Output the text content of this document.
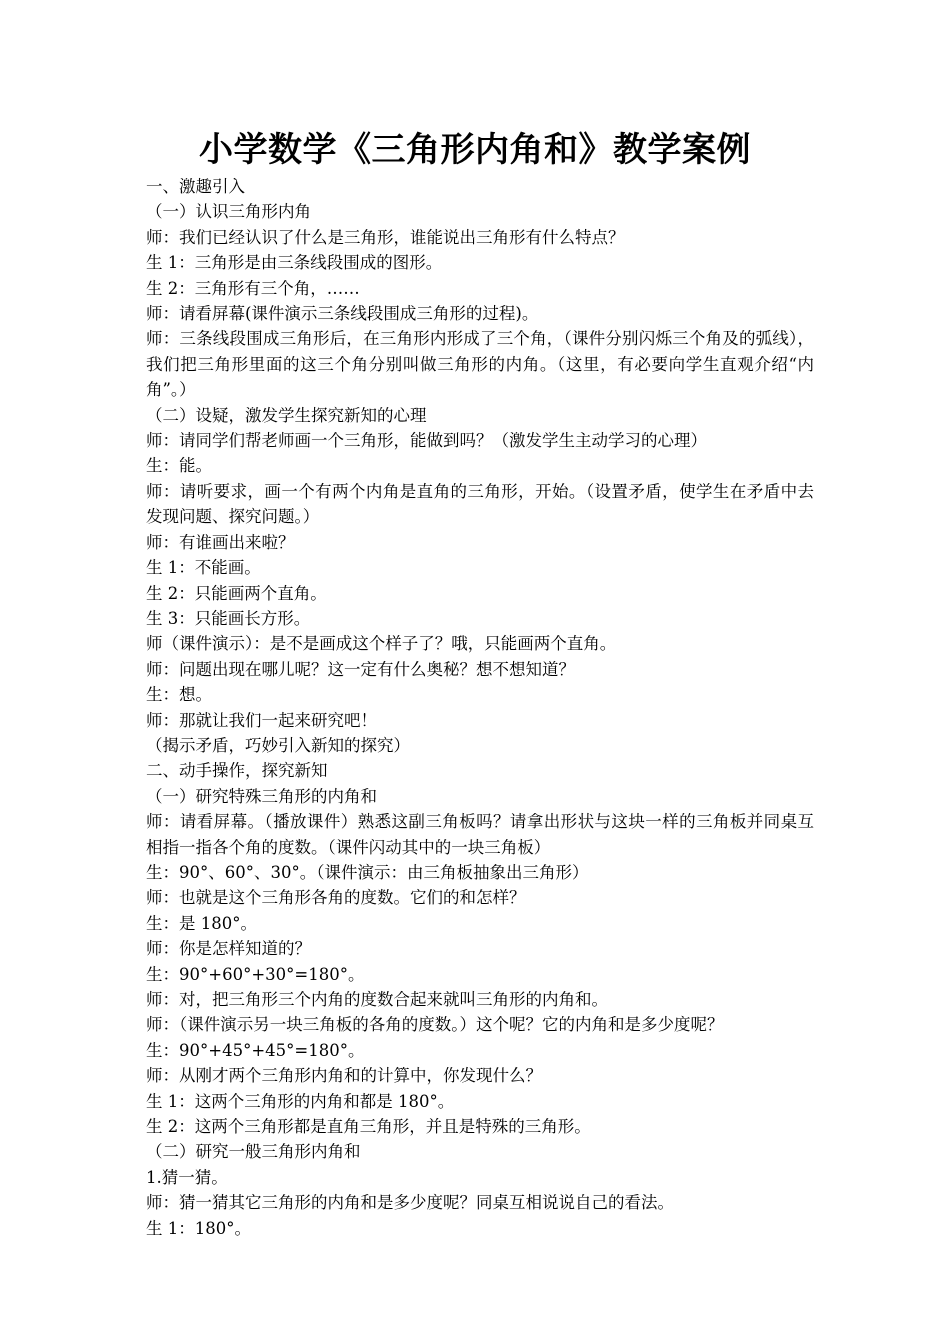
小学数学《三角形内角和》教学案例

一、激趣引入

（一）认识三角形内角

师：我们已经认识了什么是三角形，谁能说出三角形有什么特点？

生 1：三角形是由三条线段围成的图形。

生 2：三角形有三个角，……

师：请看屏幕(课件演示三条线段围成三角形的过程)。

师：三条线段围成三角形后，在三角形内形成了三个角，（课件分别闪烁三个角及的弧线），我们把三角形里面的这三个角分别叫做三角形的内角。（这里，有必要向学生直观介绍“内角”。）

（二）设疑，激发学生探究新知的心理

师：请同学们帮老师画一个三角形，能做到吗？（激发学生主动学习的心理）

生：能。

师：请听要求，画一个有两个内角是直角的三角形，开始。（设置矛盾，使学生在矛盾中去发现问题、探究问题。）

师：有谁画出来啦？

生 1：不能画。

生 2：只能画两个直角。

生 3：只能画长方形。

师（课件演示）：是不是画成这个样子了？哦，只能画两个直角。

师：问题出现在哪儿呢？这一定有什么奥秘？想不想知道？

生：想。

师：那就让我们一起来研究吧！

（揭示矛盾，巧妙引入新知的探究）

二、动手操作，探究新知

（一）研究特殊三角形的内角和

师：请看屏幕。（播放课件）熟悉这副三角板吗？请拿出形状与这块一样的三角板并同桌互相指一指各个角的度数。（课件闪动其中的一块三角板）

生：90°、60°、30°。（课件演示：由三角板抽象出三角形）

师：也就是这个三角形各角的度数。它们的和怎样？

生：是 180°。

师：你是怎样知道的？

生：90°+60°+30°=180°。

师：对，把三角形三个内角的度数合起来就叫三角形的内角和。

师：（课件演示另一块三角板的各角的度数。）这个呢？它的内角和是多少度呢？

生：90°+45°+45°=180°。

师：从刚才两个三角形内角和的计算中，你发现什么？

生 1：这两个三角形的内角和都是 180°。

生 2：这两个三角形都是直角三角形，并且是特殊的三角形。

（二）研究一般三角形内角和

1.猜一猜。

师：猜一猜其它三角形的内角和是多少度呢？同桌互相说说自己的看法。

生 1：180°。
